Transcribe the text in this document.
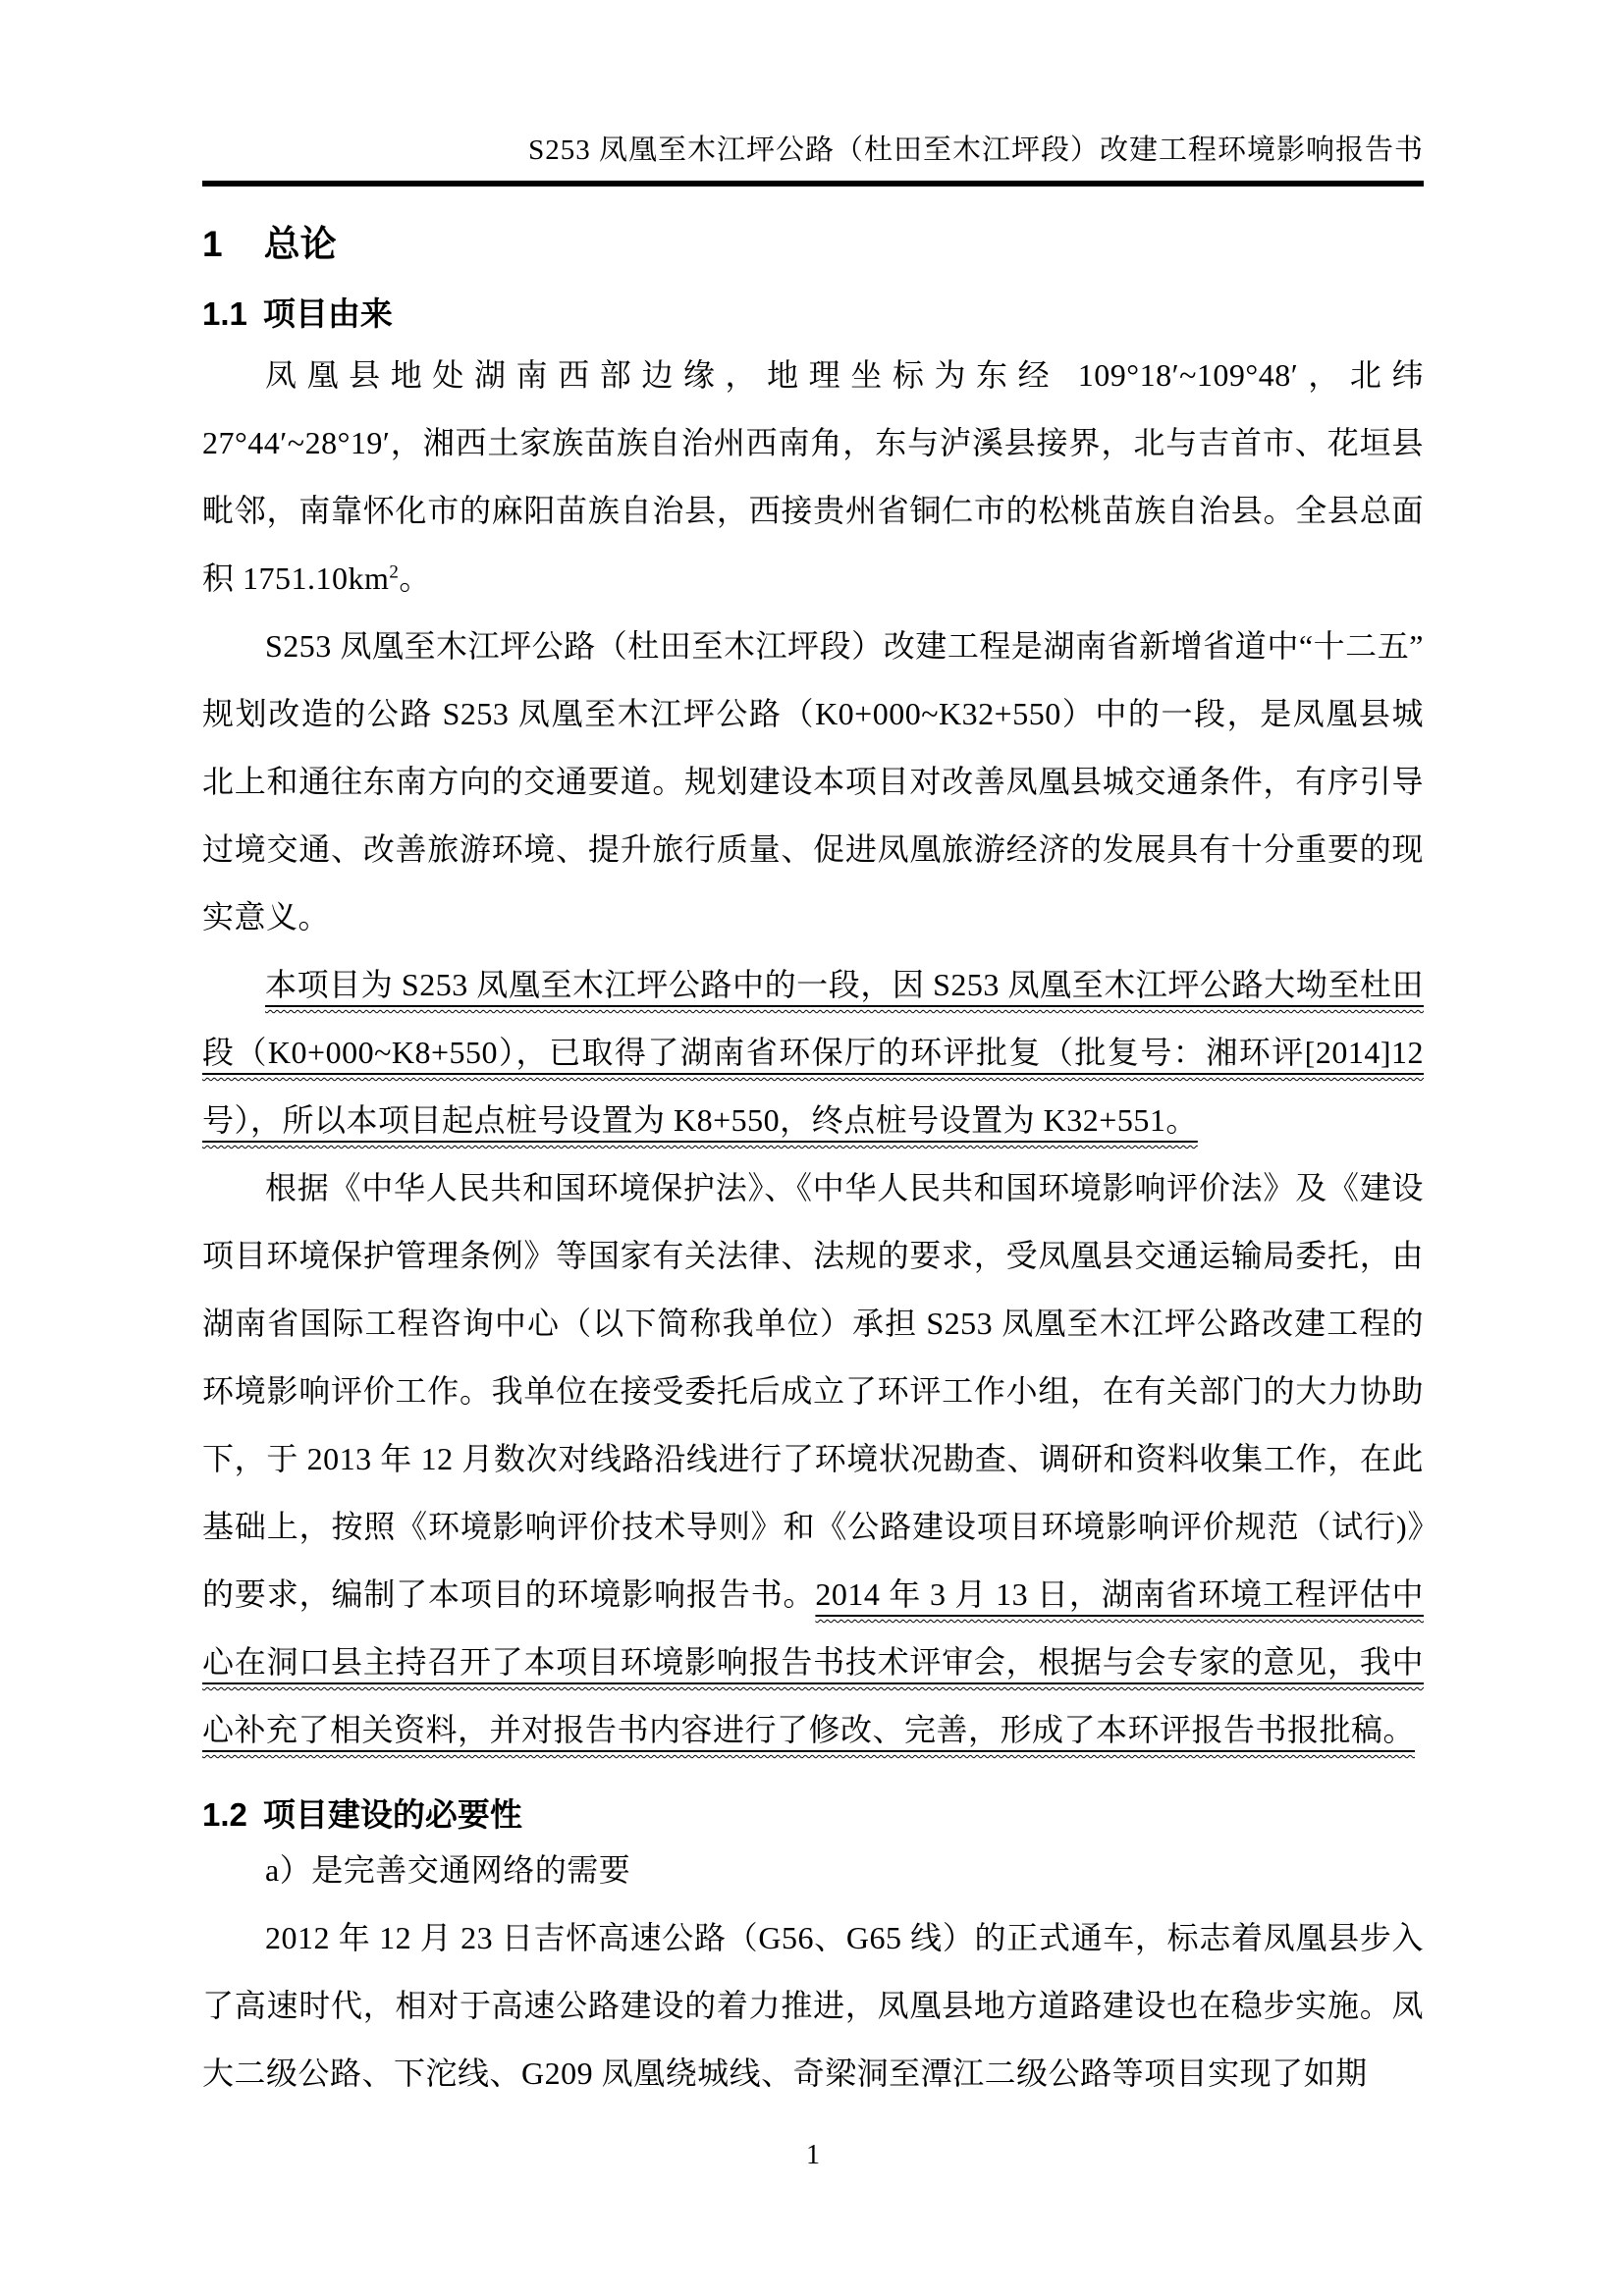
S253 凤凰至木江坪公路（杜田至木江坪段）改建工程环境影响报告书
1 总论
1.1 项目由来

凤凰县地处湖南西部边缘，地理坐标为东经 109°18′~109°48′，北纬 27°44′~28°19′，湘西土家族苗族自治州西南角，东与泸溪县接界，北与吉首市、花垣县毗邻，南靠怀化市的麻阳苗族自治县，西接贵州省铜仁市的松桃苗族自治县。全县总面积 $1751.10km^2$。

S253 凤凰至木江坪公路（杜田至木江坪段）改建工程是湖南省新增省道中“十二五”规划改造的公路 S253 凤凰至木江坪公路（K0+000~K32+550）中的一段，是凤凰县城北上和通往东南方向的交通要道。规划建设本项目对改善凤凰县城交通条件，有序引导过境交通、改善旅游环境、提升旅行质量、促进凤凰旅游经济的发展具有十分重要的现实意义。

本项目为 S253 凤凰至木江坪公路中的一段，因 S253 凤凰至木江坪公路大坳至杜田段（K0+000~K8+550），已取得了湖南省环保厅的环评批复（批复号：湘环评[2014]12 号），所以本项目起点桩号设置为 K8+550，终点桩号设置为 K32+551。

根据《中华人民共和国环境保护法》、《中华人民共和国环境影响评价法》及《建设项目环境保护管理条例》等国家有关法律、法规的要求，受凤凰县交通运输局委托，由湖南省国际工程咨询中心（以下简称我单位）承担 S253 凤凰至木江坪公路改建工程的环境影响评价工作。我单位在接受委托后成立了环评工作小组，在有关部门的大力协助下，于 2013 年 12 月数次对线路沿线进行了环境状况勘查、调研和资料收集工作，在此基础上，按照《环境影响评价技术导则》和《公路建设项目环境影响评价规范（试行)》的要求，编制了本项目的环境影响报告书。2014 年 3 月 13 日，湖南省环境工程评估中心在洞口县主持召开了本项目环境影响报告书技术评审会，根据与会专家的意见，我中心补充了相关资料，并对报告书内容进行了修改、完善，形成了本环评报告书报批稿。

1.2 项目建设的必要性

a）是完善交通网络的需要

2012 年 12 月 23 日吉怀高速公路（G56、G65 线）的正式通车，标志着凤凰县步入了高速时代，相对于高速公路建设的着力推进，凤凰县地方道路建设也在稳步实施。凤大二级公路、下沱线、G209 凤凰绕城线、奇梁洞至潭江二级公路等项目实现了如期

1
